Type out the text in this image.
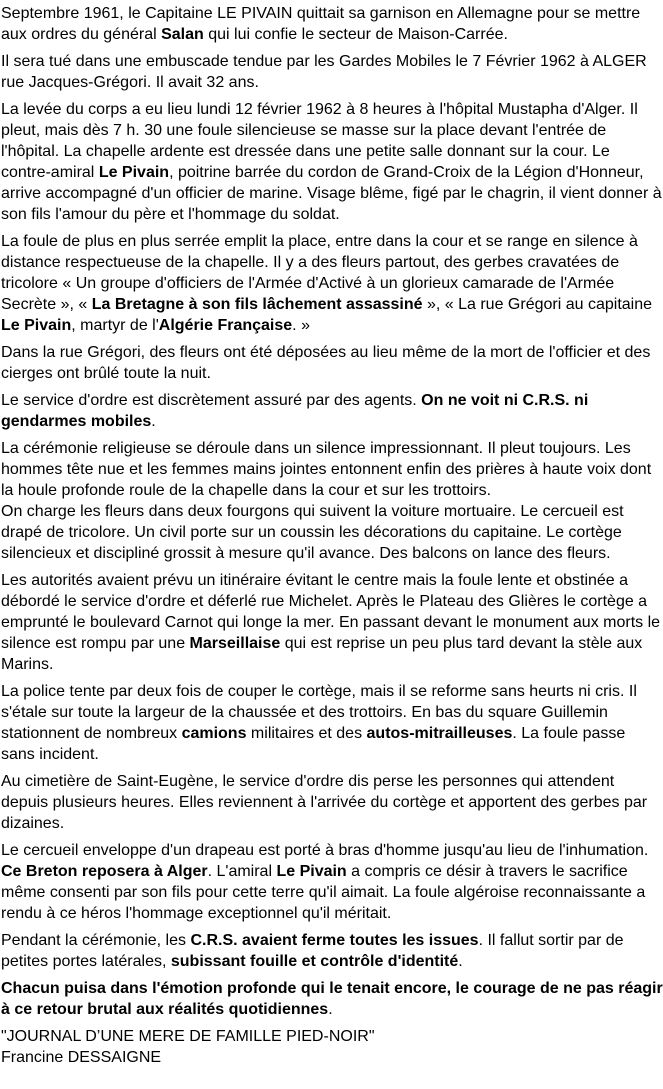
Septembre 1961, le Capitaine LE PIVAIN quittait sa garnison en Allemagne pour se mettre aux ordres du général Salan qui lui confie le secteur de Maison-Carrée.

Il sera tué dans une embuscade tendue par les Gardes Mobiles le 7 Février 1962 à ALGER rue Jacques-Grégori. Il avait 32 ans.

La levée du corps a eu lieu lundi 12 février 1962 à 8 heures à l'hôpital Mustapha d'Alger. Il pleut, mais dès 7 h. 30 une foule silencieuse se masse sur la place devant l'entrée de l'hôpital. La chapelle ardente est dressée dans une petite salle donnant sur la cour. Le contre-amiral Le Pivain, poitrine barrée du cordon de Grand-Croix de la Légion d'Honneur, arrive accompagné d'un officier de marine. Visage blême, figé par le chagrin, il vient donner à son fils l'amour du père et l'hommage du soldat.

La foule de plus en plus serrée emplit la place, entre dans la cour et se range en silence à distance respectueuse de la chapelle. Il y a des fleurs partout, des gerbes cravatées de tricolore « Un groupe d'officiers de l'Armée d'Activé à un glorieux camarade de l'Armée Secrète », « La Bretagne à son fils lâchement assassiné », « La rue Grégori au capitaine Le Pivain, martyr de l'Algérie Française. »

Dans la rue Grégori, des fleurs ont été déposées au lieu même de la mort de l'officier et des cierges ont brûlé toute la nuit.

Le service d'ordre est discrètement assuré par des agents. On ne voit ni C.R.S. ni gendarmes mobiles.

La cérémonie religieuse se déroule dans un silence impressionnant. Il pleut toujours. Les hommes tête nue et les femmes mains jointes entonnent enfin des prières à haute voix dont la houle profonde roule de la chapelle dans la cour et sur les trottoirs.
On charge les fleurs dans deux fourgons qui suivent la voiture mortuaire. Le cercueil est drapé de tricolore. Un civil porte sur un coussin les décorations du capitaine. Le cortège silencieux et discipliné grossit à mesure qu'il avance. Des balcons on lance des fleurs.

Les autorités avaient prévu un itinéraire évitant le centre mais la foule lente et obstinée a débordé le service d'ordre et déferlé rue Michelet. Après le Plateau des Glières le cortège a emprunté le boulevard Carnot qui longe la mer. En passant devant le monument aux morts le silence est rompu par une Marseillaise qui est reprise un peu plus tard devant la stèle aux Marins.

La police tente par deux fois de couper le cortège, mais il se reforme sans heurts ni cris. Il s'étale sur toute la largeur de la chaussée et des trottoirs. En bas du square Guillemin stationnent de nombreux camions militaires et des autos-mitrailleuses. La foule passe sans incident.

Au cimetière de Saint-Eugène, le service d'ordre dis perse les personnes qui attendent depuis plusieurs heures. Elles reviennent à l'arrivée du cortège et apportent des gerbes par dizaines.

Le cercueil enveloppe d'un drapeau est porté à bras d'homme jusqu'au lieu de l'inhumation. Ce Breton reposera à Alger. L'amiral Le Pivain a compris ce désir à travers le sacrifice même consenti par son fils pour cette terre qu'il aimait. La foule algéroise reconnaissante a rendu à ce héros l'hommage exceptionnel qu'il méritait.

Pendant la cérémonie, les C.R.S. avaient ferme toutes les issues. Il fallut sortir par de petites portes latérales, subissant fouille et contrôle d'identité.

Chacun puisa dans l'émotion profonde qui le tenait encore, le courage de ne pas réagir à ce retour brutal aux réalités quotidiennes.

"JOURNAL D’UNE MERE DE FAMILLE PIED-NOIR"
Francine DESSAIGNE
